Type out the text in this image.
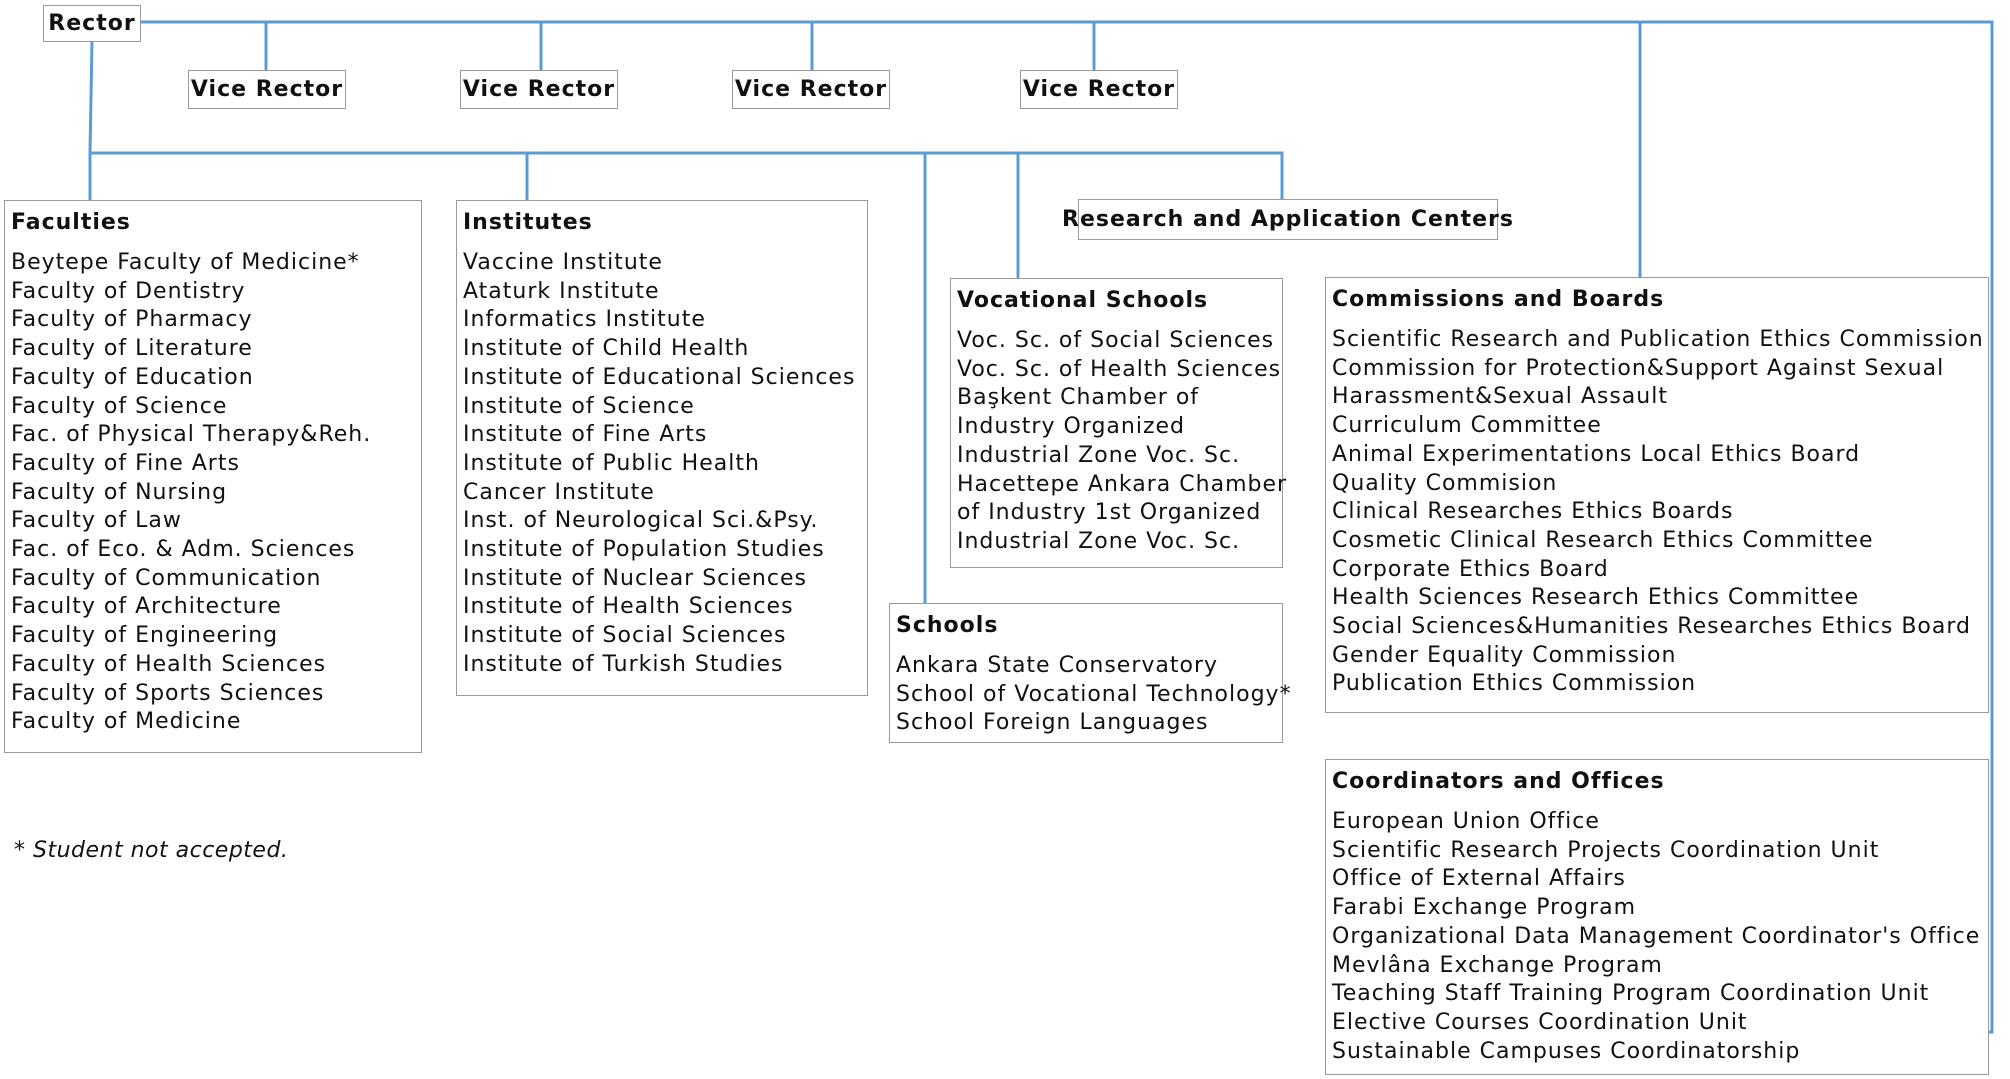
Rector
Vice Rector	Vice Rector	Vice Rector	Vice Rector
Research and Application Centers
Faculties
Beytepe Faculty of Medicine*
Faculty of Dentistry
Faculty of Pharmacy
Faculty of Literature
Faculty of Education
Faculty of Science
Fac. of Physical Therapy&Reh.
Faculty of Fine Arts
Faculty of Nursing
Faculty of Law
Fac. of Eco. & Adm. Sciences
Faculty of Communication
Faculty of Architecture
Faculty of Engineering
Faculty of Health Sciences
Faculty of Sports Sciences
Faculty of Medicine
Institutes
Vaccine Institute
Ataturk Institute
Informatics Institute
Institute of Child Health
Institute of Educational Sciences
Institute of Science
Institute of Fine Arts
Institute of Public Health
Cancer Institute
Inst. of Neurological Sci.&Psy.
Institute of Population Studies
Institute of Nuclear Sciences
Institute of Health Sciences
Institute of Social Sciences
Institute of Turkish Studies
Vocational Schools
Voc. Sc. of Social Sciences
Voc. Sc. of Health Sciences
Başkent Chamber of
Industry Organized
Industrial Zone Voc. Sc.
Hacettepe Ankara Chamber
of Industry 1st Organized
Industrial Zone Voc. Sc.
Schools
Ankara State Conservatory
School of Vocational Technology*
School Foreign Languages
Commissions and Boards
Scientific Research and Publication Ethics Commission
Commission for Protection&Support Against Sexual
Harassment&Sexual Assault
Curriculum Committee
Animal Experimentations Local Ethics Board
Quality Commision
Clinical Researches Ethics Boards
Cosmetic Clinical Research Ethics Committee
Corporate Ethics Board
Health Sciences Research Ethics Committee
Social Sciences&Humanities Researches Ethics Board
Gender Equality Commission
Publication Ethics Commission
Coordinators and Offices
European Union Office
Scientific Research Projects Coordination Unit
Office of External Affairs
Farabi Exchange Program
Organizational Data Management Coordinator's Office
Mevlâna Exchange Program
Teaching Staff Training Program Coordination Unit
Elective Courses Coordination Unit
Sustainable Campuses Coordinatorship
* Student not accepted.
